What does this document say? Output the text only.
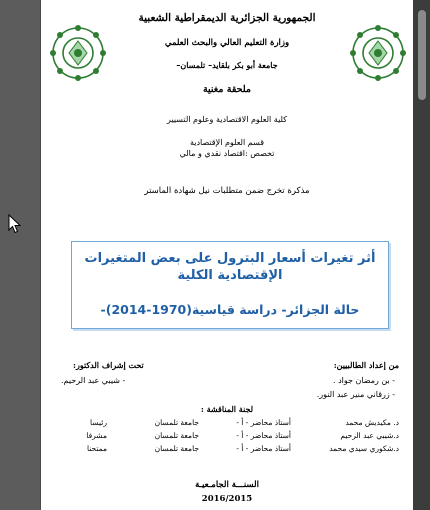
الجمهورية الجزائرية الديمقراطية الشعبية
وزارة التعليم العالي والبحث العلمي
جامعة أبو بكر بلقايد– تلمسان–
ملحقة مغنية
كلية العلوم الاقتصادية وعلوم التسيير
قسم العلوم الإقتصادية
تخصص :اقتصاد نقدي و مالي
مذكرة تخرج ضمن متطلبات نيل شهادة الماستر
أثر تغيرات أسعار البترول على بعض المتغيرات
الإقتصادية الكلية
حالة الجزائر- دراسة قياسية(1970-2014)-
من إعداد الطالبيين:
- بن رمضان جواد .
- زرقاني منير عبد النور.
تحت إشراف الدكتور:
- شيبي عبد الرحيم.
لجنة المناقشة :
د. مكيديش محمد
أستاذ محاضر - أ -
جامعة تلمسان
رئيسا
د.شيبي عبد الرحيم
أستاذ محاضر - أ -
جامعة تلمسان
مشرفا
د.شكوري سيدي محمد
أستاذ محاضر - أ -
جامعة تلمسان
ممتحنا
السنـــة الجامـعيـة
2016/2015
